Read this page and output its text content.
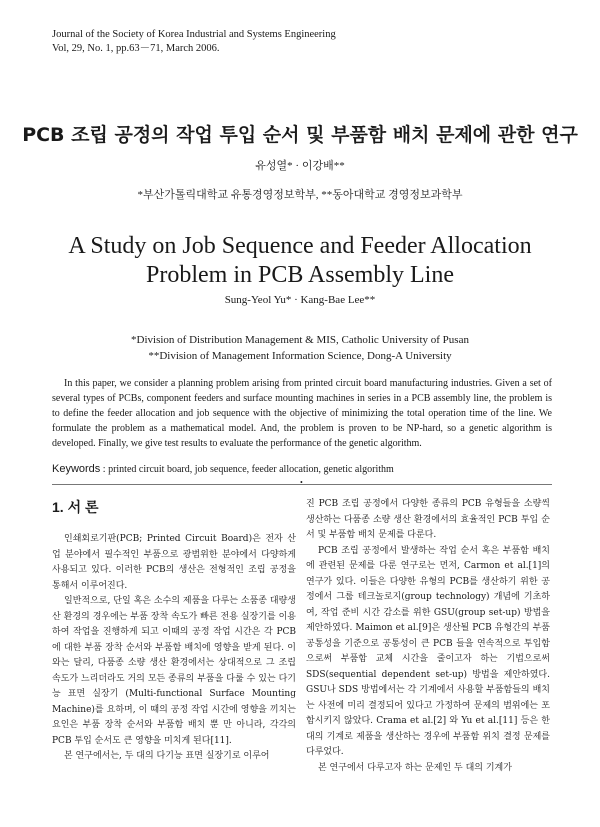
Journal of the Society of Korea Industrial and Systems Engineering
Vol, 29, No. 1, pp.63－71, March 2006.
PCB 조립 공정의 작업 투입 순서 및 부품함 배치 문제에 관한 연구
유성열* · 이강배**
*부산가톨릭대학교 유통경영정보학부, **동아대학교 경영정보과학부
A Study on Job Sequence and Feeder Allocation
Problem in PCB Assembly Line
Sung-Yeol Yu* · Kang-Bae Lee**
*Division of Distribution Management & MIS, Catholic University of Pusan
**Division of Management Information Science, Dong-A University

In this paper, we consider a planning problem arising from printed circuit board manufacturing industries. Given a set of several types of PCBs, component feeders and surface mounting machines in series in a PCB assembly line, the problem is to define the feeder allocation and job sequence with the objective of minimizing the total operation time of the line. We formulate the problem as a mathematical model. And, the problem is proven to be NP-hard, so a genetic algorithm is developed. Finally, we give test results to evaluate the performance of the genetic algorithm.

Keywords : printed circuit board, job sequence, feeder allocation, genetic algorithm
•
1. 서 론

인쇄회로기판(PCB; Printed Circuit Board)은 전자 산업 분야에서 필수적인 부품으로 광범위한 분야에서 다양하게 사용되고 있다. 이러한 PCB의 생산은 전형적인 조립 공정을 통해서 이루어진다.

일반적으로, 단일 혹은 소수의 제품을 다루는 소품종 대량생산 환경의 경우에는 부품 장착 속도가 빠른 전용 실장기를 이용하여 작업을 진행하게 되고 이때의 공정 작업 시간은 각 PCB에 대한 부품 장착 순서와 부품함 배치에 영향을 받게 된다. 이와는 달리, 다품종 소량 생산 환경에서는 상대적으로 그 조립 속도가 느리더라도 거의 모든 종류의 부품을 다룰 수 있는 다기능 표면 실장기 (Multi-functional Surface Mounting Machine)를 요하며, 이 때의 공정 작업 시간에 영향을 끼치는 요인은 부품 장착 순서와 부품함 배치 뿐 만 아니라, 각각의 PCB 투입 순서도 큰 영향을 미치게 된다[11].

본 연구에서는, 두 대의 다기능 표면 실장기로 이루어

진 PCB 조립 공정에서 다양한 종류의 PCB 유형들을 소량씩 생산하는 다품종 소량 생산 환경에서의 효율적인 PCB 투입 순서 및 부품함 배치 문제를 다룬다.

PCB 조립 공정에서 발생하는 작업 순서 혹은 부품함 배치에 관련된 문제를 다룬 연구로는 먼저, Carmon et al.[1]의 연구가 있다. 이들은 다양한 유형의 PCB를 생산하기 위한 공정에서 그룹 테크놀로지(group technology) 개념에 기초하여, 작업 준비 시간 감소를 위한 GSU(group set-up) 방법을 제안하였다. Maimon et al.[9]은 생산될 PCB 유형간의 부품 공통성을 기준으로 공통성이 큰 PCB 들을 연속적으로 투입함으로써 부품함 교체 시간을 줄이고자 하는 기법으로써 SDS(sequential dependent set-up) 방법을 제안하였다. GSU나 SDS 방법에서는 각 기계에서 사용할 부품함들의 배치는 사전에 미리 결정되어 있다고 가정하여 문제의 범위에는 포함시키지 않았다. Crama et al.[2] 와 Yu et al.[11] 등은 한 대의 기계로 제품을 생산하는 경우에 부품함 위치 결정 문제를 다루었다.

본 연구에서 다루고자 하는 문제인 두 대의 기계가
